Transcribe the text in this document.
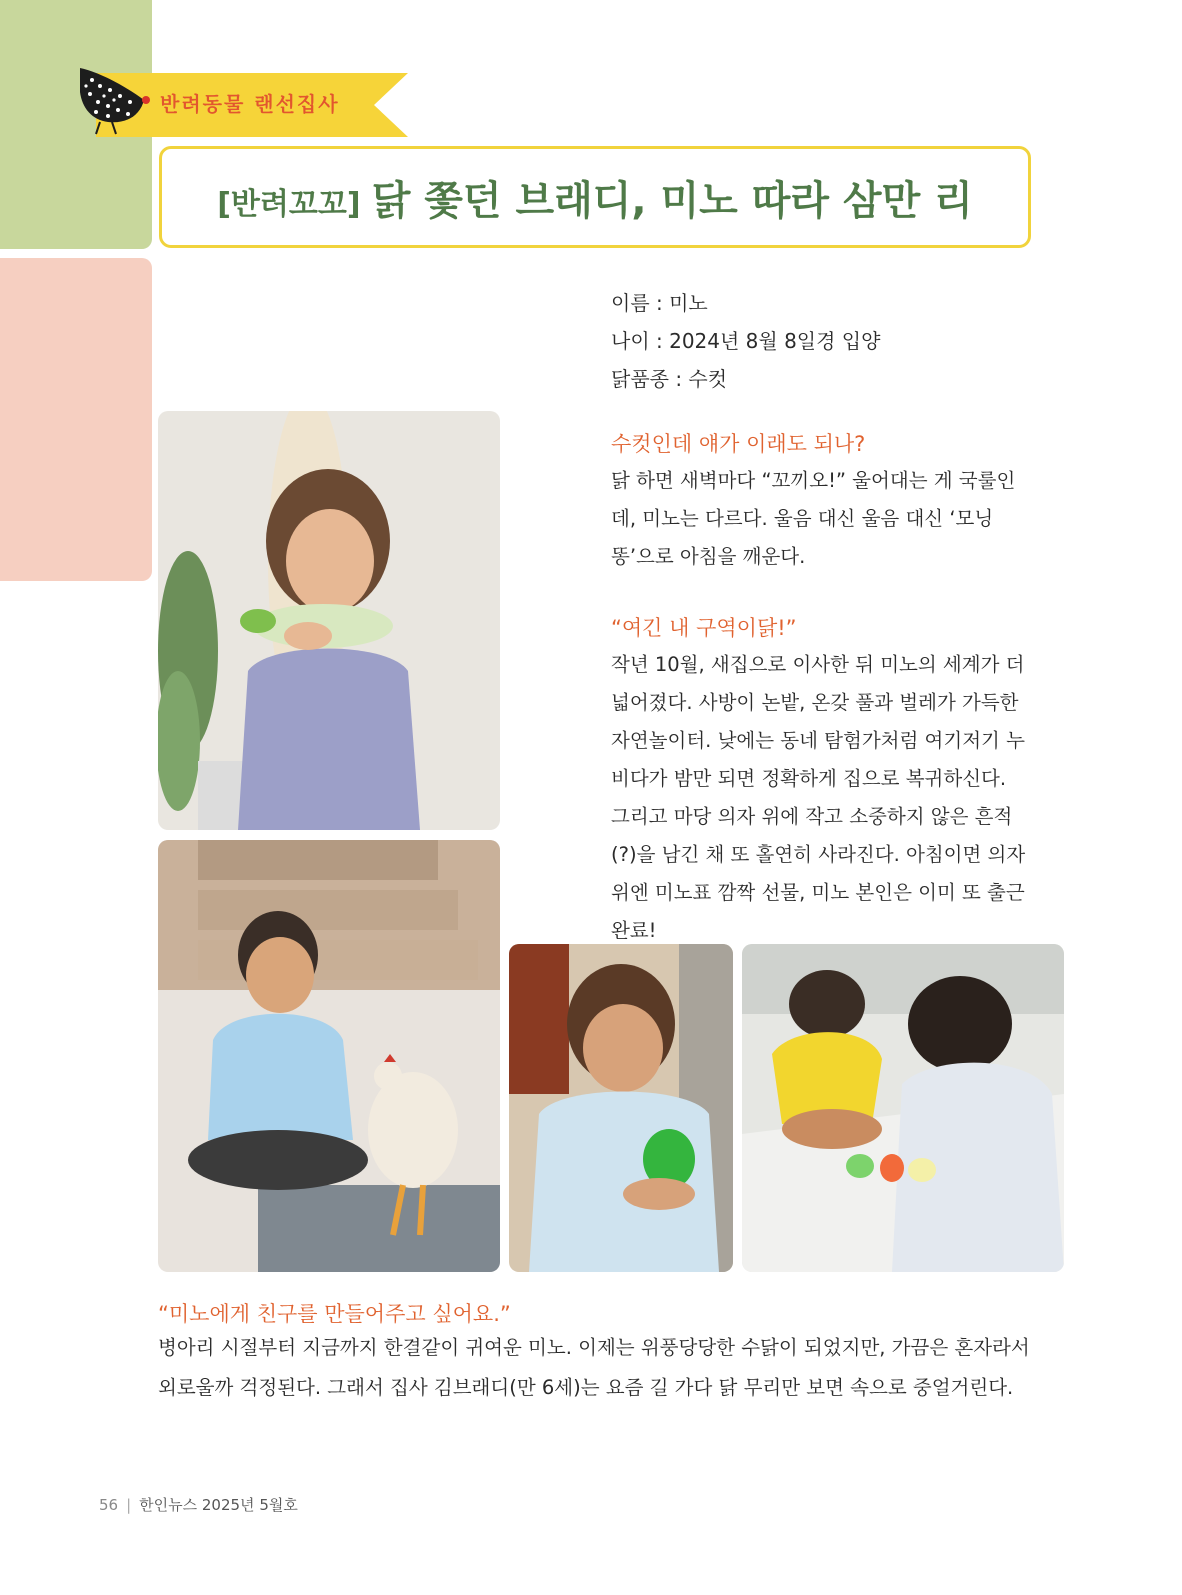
반려동물 랜선집사
[반려꼬꼬] 닭 쫓던 브래디, 미노 따라 삼만 리
이름 : 미노
나이 : 2024년 8월 8일경 입양
닭품종 : 수컷
수컷인데 얘가 이래도 되나?

닭 하면 새벽마다 “꼬끼오!” 울어대는 게 국룰인데, 미노는 다르다. 울음 대신 울음 대신 ‘모닝똥’으로 아침을 깨운다.

“여긴 내 구역이닭!”

작년 10월, 새집으로 이사한 뒤 미노의 세계가 더 넓어졌다. 사방이 논밭, 온갖 풀과 벌레가 가득한 자연놀이터. 낮에는 동네 탐험가처럼 여기저기 누비다가 밤만 되면 정확하게 집으로 복귀하신다. 그리고 마당 의자 위에 작고 소중하지 않은 흔적(?)을 남긴 채 또 홀연히 사라진다. 아침이면 의자 위엔 미노표 깜짝 선물, 미노 본인은 이미 또 출근 완료!

“미노에게 친구를 만들어주고 싶어요.”

병아리 시절부터 지금까지 한결같이 귀여운 미노. 이제는 위풍당당한 수닭이 되었지만, 가끔은 혼자라서 외로울까 걱정된다. 그래서 집사 김브래디(만 6세)는 요즘 길 가다 닭 무리만 보면 속으로 중얼거린다.

56 | 한인뉴스 2025년 5월호
